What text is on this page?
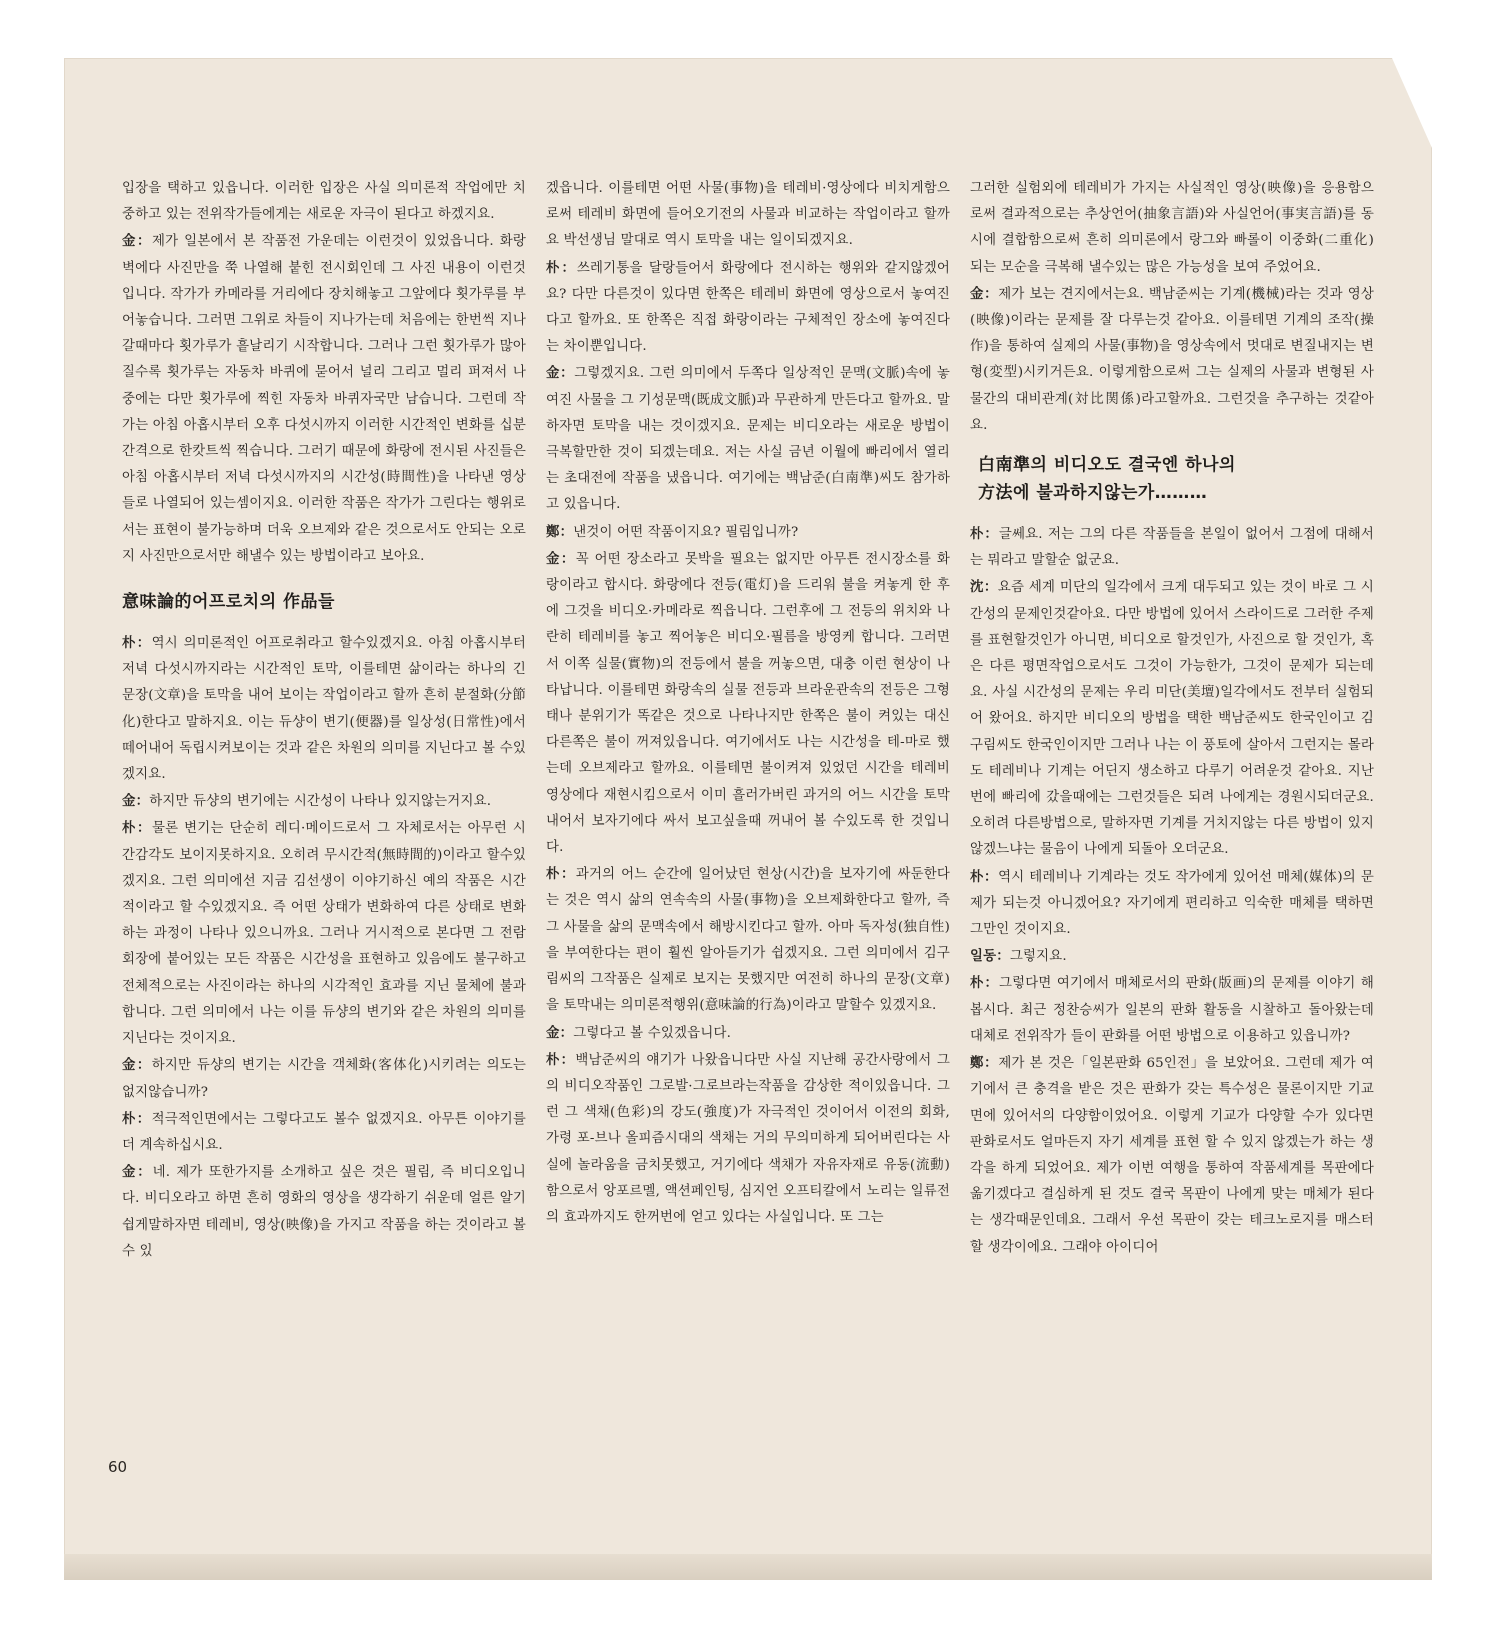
입장을 택하고 있읍니다. 이러한 입장은 사실 의미론적 작업에만 치중하고 있는 전위작가들에게는 새로운 자극이 된다고 하겠지요.

金：제가 일본에서 본 작품전 가운데는 이런것이 있었읍니다. 화랑벽에다 사진만을 쭉 나열해 붙힌 전시회인데 그 사진 내용이 이런것입니다. 작가가 카메라를 거리에다 장치해놓고 그앞에다 횟가루를 부어놓습니다. 그러면 그위로 차들이 지나가는데 처음에는 한번씩 지나갈때마다 횟가루가 흩날리기 시작합니다. 그러나 그런 횟가루가 많아질수록 횟가루는 자동차 바퀴에 묻어서 널리 그리고 멀리 퍼져서 나중에는 다만 횟가루에 찍힌 자동차 바퀴자국만 남습니다. 그런데 작가는 아침 아홉시부터 오후 다섯시까지 이러한 시간적인 변화를 십분간격으로 한캇트씩 찍습니다. 그러기 때문에 화랑에 전시된 사진들은 아침 아홉시부터 저녁 다섯시까지의 시간성(時間性)을 나타낸 영상들로 나열되어 있는셈이지요. 이러한 작품은 작가가 그린다는 행위로서는 표현이 불가능하며 더욱 오브제와 같은 것으로서도 안되는 오로지 사진만으로서만 해낼수 있는 방법이라고 보아요.

意味論的어프로치의 作品들

朴：역시 의미론적인 어프로취라고 할수있겠지요. 아침 아홉시부터 저녁 다섯시까지라는 시간적인 토막, 이를테면 삶이라는 하나의 긴 문장(文章)을 토막을 내어 보이는 작업이라고 할까 흔히 분절화(分節化)한다고 말하지요. 이는 듀샹이 변기(便器)를 일상성(日常性)에서 떼어내어 독립시켜보이는 것과 같은 차원의 의미를 지닌다고 볼 수있겠지요.

金：하지만 듀샹의 변기에는 시간성이 나타나 있지않는거지요.

朴：물론 변기는 단순히 레디·메이드로서 그 자체로서는 아무런 시간감각도 보이지못하지요. 오히려 무시간적(無時間的)이라고 할수있겠지요. 그런 의미에선 지금 김선생이 이야기하신 예의 작품은 시간적이라고 할 수있겠지요. 즉 어떤 상태가 변화하여 다른 상태로 변화하는 과정이 나타나 있으니까요. 그러나 거시적으로 본다면 그 전람회장에 붙어있는 모든 작품은 시간성을 표현하고 있음에도 불구하고 전체적으로는 사진이라는 하나의 시각적인 효과를 지닌 물체에 불과합니다. 그런 의미에서 나는 이를 듀샹의 변기와 같은 차원의 의미를 지닌다는 것이지요.

金：하지만 듀샹의 변기는 시간을 객체화(客体化)시키려는 의도는 없지않습니까?

朴：적극적인면에서는 그렇다고도 볼수 없겠지요. 아무튼 이야기를 더 계속하십시요.

金：네. 제가 또한가지를 소개하고 싶은 것은 필림, 즉 비디오입니다. 비디오라고 하면 흔히 영화의 영상을 생각하기 쉬운데 얼른 알기쉽게말하자면 테레비, 영상(映像)을 가지고 작품을 하는 것이라고 볼수 있

겠읍니다. 이를테면 어떤 사물(事物)을 테레비·영상에다 비치게함으로써 테레비 화면에 들어오기전의 사물과 비교하는 작업이라고 할까요 박선생님 말대로 역시 토막을 내는 일이되겠지요.

朴：쓰레기통을 달랑들어서 화랑에다 전시하는 행위와 같지않겠어요? 다만 다른것이 있다면 한쪽은 테레비 화면에 영상으로서 놓여진다고 할까요. 또 한쪽은 직접 화랑이라는 구체적인 장소에 놓여진다는 차이뿐입니다.

金：그렇겠지요. 그런 의미에서 두쪽다 일상적인 문맥(文脈)속에 놓여진 사물을 그 기성문맥(既成文脈)과 무관하게 만든다고 할까요. 말하자면 토막을 내는 것이겠지요. 문제는 비디오라는 새로운 방법이 극복할만한 것이 되겠는데요. 저는 사실 금년 이월에 빠리에서 열리는 초대전에 작품을 냈읍니다. 여기에는 백남준(白南準)씨도 참가하고 있읍니다.

鄭：낸것이 어떤 작품이지요? 필림입니까?

金：꼭 어떤 장소라고 못박을 필요는 없지만 아무튼 전시장소를 화랑이라고 합시다. 화랑에다 전등(電灯)을 드리워 불을 켜놓게 한 후에 그것을 비디오·카메라로 찍읍니다. 그런후에 그 전등의 위치와 나란히 테레비를 놓고 찍어놓은 비디오·필름을 방영케 합니다. 그러면서 이쪽 실물(實物)의 전등에서 불을 꺼놓으면, 대충 이런 현상이 나타납니다. 이를테면 화랑속의 실물 전등과 브라운관속의 전등은 그형태나 분위기가 똑같은 것으로 나타나지만 한쪽은 불이 켜있는 대신 다른쪽은 불이 꺼져있읍니다. 여기에서도 나는 시간성을 테-마로 했는데 오브제라고 할까요. 이를테면 불이켜져 있었던 시간을 테레비 영상에다 재현시킴으로서 이미 흘러가버린 과거의 어느 시간을 토막내어서 보자기에다 싸서 보고싶을때 꺼내어 볼 수있도록 한 것입니다.

朴：과거의 어느 순간에 일어났던 현상(시간)을 보자기에 싸둔한다는 것은 역시 삶의 연속속의 사물(事物)을 오브제화한다고 할까, 즉 그 사물을 삶의 문맥속에서 해방시킨다고 할까. 아마 독자성(独自性)을 부여한다는 편이 훨씬 알아듣기가 쉽겠지요. 그런 의미에서 김구림씨의 그작품은 실제로 보지는 못했지만 여전히 하나의 문장(文章)을 토막내는 의미론적행위(意味論的行為)이라고 말할수 있겠지요.

金：그렇다고 볼 수있겠읍니다.

朴：백남준씨의 얘기가 나왔읍니다만 사실 지난해 공간사랑에서 그의 비디오작품인 그로발·그로브라는작품을 감상한 적이있읍니다. 그런 그 색채(色彩)의 강도(強度)가 자극적인 것이어서 이전의 회화, 가령 포-브나 올피즘시대의 색채는 거의 무의미하게 되어버린다는 사실에 놀라움을 금치못했고, 거기에다 색채가 자유자재로 유동(流動)함으로서 앙포르멜, 액션페인팅, 심지언 오프티칼에서 노리는 일류전의 효과까지도 한꺼번에 얻고 있다는 사실입니다. 또 그는

그러한 실험외에 테레비가 가지는 사실적인 영상(映像)을 응용함으로써 결과적으로는 추상언어(抽象言語)와 사실언어(事実言語)를 동시에 결합함으로써 흔히 의미론에서 랑그와 빠롤이 이중화(二重化)되는 모순을 극복해 낼수있는 많은 가능성을 보여 주었어요.

金：제가 보는 견지에서는요. 백남준씨는 기계(機械)라는 것과 영상(映像)이라는 문제를 잘 다루는것 같아요. 이를테면 기계의 조작(操作)을 통하여 실제의 사물(事物)을 영상속에서 멋대로 변질내지는 변형(変型)시키거든요. 이렇게함으로써 그는 실제의 사물과 변형된 사물간의 대비관계(対比関係)라고할까요. 그런것을 추구하는 것같아요.

白南準의 비디오도 결국엔 하나의
方法에 불과하지않는가………

朴：글쎄요. 저는 그의 다른 작품들을 본일이 없어서 그점에 대해서는 뭐라고 말할순 없군요.

沈：요즘 세계 미단의 일각에서 크게 대두되고 있는 것이 바로 그 시간성의 문제인것같아요. 다만 방법에 있어서 스라이드로 그러한 주제를 표현할것인가 아니면, 비디오로 할것인가, 사진으로 할 것인가, 혹은 다른 평면작업으로서도 그것이 가능한가, 그것이 문제가 되는데요. 사실 시간성의 문제는 우리 미단(美壇)일각에서도 전부터 실험되어 왔어요. 하지만 비디오의 방법을 택한 백남준씨도 한국인이고 김구림씨도 한국인이지만 그러나 나는 이 풍토에 살아서 그런지는 몰라도 테레비나 기계는 어딘지 생소하고 다루기 어려운것 같아요. 지난번에 빠리에 갔을때에는 그런것들은 되려 나에게는 경원시되더군요. 오히려 다른방법으로, 말하자면 기계를 거치지않는 다른 방법이 있지 않겠느냐는 물음이 나에게 되돌아 오더군요.

朴：역시 테레비나 기계라는 것도 작가에게 있어선 매체(媒体)의 문제가 되는것 아니겠어요? 자기에게 편리하고 익숙한 매체를 택하면 그만인 것이지요.

일동：그렇지요.

朴：그렇다면 여기에서 매체로서의 판화(版画)의 문제를 이야기 해봅시다. 최근 정찬승씨가 일본의 판화 활동을 시찰하고 돌아왔는데 대체로 전위작가 들이 판화를 어떤 방법으로 이용하고 있읍니까?

鄭：제가 본 것은「일본판화 65인전」을 보았어요. 그런데 제가 여기에서 큰 충격을 받은 것은 판화가 갖는 특수성은 물론이지만 기교면에 있어서의 다양함이었어요. 이렇게 기교가 다양할 수가 있다면 판화로서도 얼마든지 자기 세계를 표현 할 수 있지 않겠는가 하는 생각을 하게 되었어요. 제가 이번 여행을 통하여 작품세계를 목판에다 옮기겠다고 결심하게 된 것도 결국 목판이 나에게 맞는 매체가 된다는 생각때문인데요. 그래서 우선 목판이 갖는 테크노로지를 매스터 할 생각이에요. 그래야 아이디어

60
